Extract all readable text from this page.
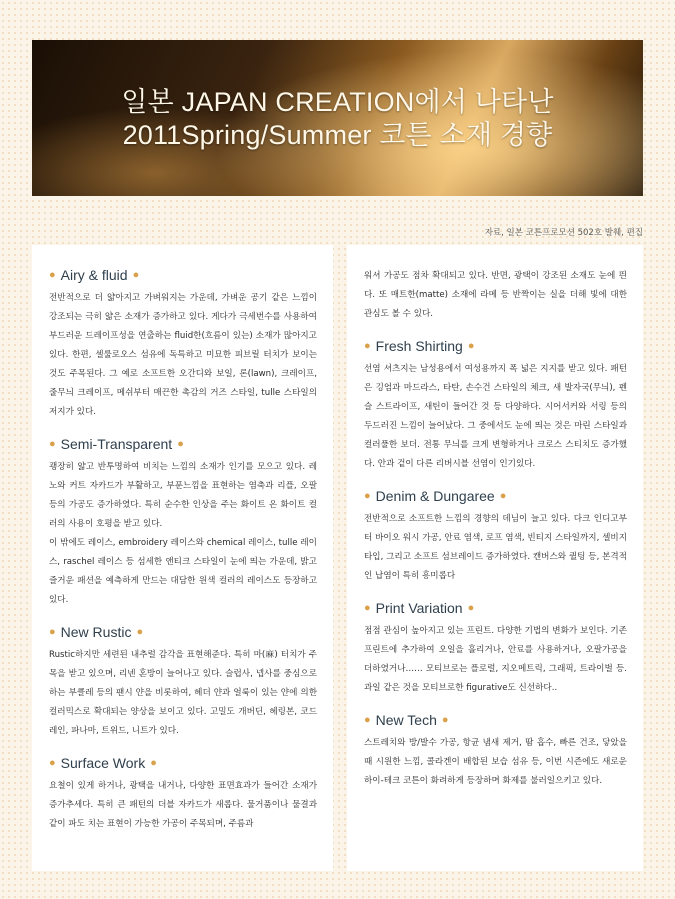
일본 JAPAN CREATION에서 나타난
2011Spring/Summer 코튼 소재 경향
자료, 일본 코튼프로모션 502호 발췌, 편집
● Airy & fluid ●

전반적으로 더 얇아지고 가벼워지는 가운데, 가벼운 공기 같은 느낌이 강조되는 극히 얇은 소재가 증가하고 있다. 게다가 극세번수를 사용하여 부드러운 드레이프성을 연출하는 fluid한(흐름이 있는) 소재가 많아지고 있다. 한편, 셀룰로오스 섬유에 독특하고 미묘한 피브릴 터치가 보이는 것도 주목된다. 그 예로 소프트한 오간디와 보일, 론(lawn), 크레이프, 줄무늬 크레이프, 메쉬부터 매끈한 촉감의 거즈 스타일, tulle 스타일의 저지가 있다.

● Semi-Transparent ●

괭장히 얇고 반투명하여 비치는 느낌의 소재가 인기를 모으고 있다. 레노와 커트 자카드가 부활하고, 부푼느낌을 표현하는 염축과 리플, 오팔 등의 가공도 증가하였다. 특히 순수한 인상을 주는 화이트 온 화이트 컬러의 사용이 호평을 받고 있다.

이 밖에도 레이스, embroidery 레이스와 chemical 레이스, tulle 레이스, raschel 레이스 등 섬세한 앤티크 스타일이 눈에 띄는 가운데, 밝고 즐거운 패션을 예측하게 만드는 대담한 원색 컬러의 레이스도 등장하고 있다.

● New Rustic ●

Rustic하지만 세련된 내추럴 감각을 표현해준다. 특히 마(麻) 터치가 주목을 받고 있으며, 리넨 혼방이 늘어나고 있다. 슬럽사, 넵사를 중심으로 하는 부클레 등의 팬시 얀을 비롯하여, 헤더 얀과 얼룩이 있는 얀에 의한 컬러믹스로 확대되는 양상을 보이고 있다. 고밀도 개버딘, 헤링본, 코드레인, 파나마, 트위드, 니트가 있다.

● Surface Work ●

요철이 있게 하거나, 광택을 내거나, 다양한 표면효과가 들어간 소재가 증가추세다. 특히 큰 패턴의 더블 자카드가 새롭다. 물거품이나 물결과 같이 파도 치는 표현이 가능한 가공이 주목되며, 주름과

워셔 가공도 점차 확대되고 있다. 반면, 광택이 강조된 소재도 눈에 띈다. 또 매트한(matte) 소재에 라메 등 반짝이는 실을 더해 빛에 대한 관심도 볼 수 있다.

● Fresh Shirting ●

선염 셔츠지는 남성용에서 여성용까지 폭 넓은 지지를 받고 있다. 패턴은 깅엄과 마드라스, 타탄, 손수건 스타일의 체크, 새 발자국(무늬), 펜슬 스트라이프, 새틴이 들어간 것 등 다양하다. 시어서커와 서링 등의 두드러진 느낌이 늘어났다. 그 중에서도 눈에 띄는 것은 마린 스타일과 컬러풀한 보더. 전통 무늬를 크게 변형하거나 크로스 스티치도 증가했다. 안과 겉이 다른 리버시블 선염이 인기있다.

● Denim & Dungaree ●

전반적으로 소프트한 느낌의 경향의 데님이 늘고 있다. 다크 인디고부터 바이오 워시 가공, 안료 염색, 로프 염색, 빈티지 스타일까지, 셀비지 타입, 그리고 소프트 섬브레이드 증가하였다. 캔버스와 퀼팅 등, 본격적인 납염이 특히 흥미롭다

● Print Variation ●

점점 관심이 높아지고 있는 프린트. 다양한 기법의 변화가 보인다. 기존 프린트에 추가하여 오일을 흘리거나, 안료를 사용하거나, 오팔가공을 더하였거나…… 모티브로는 플로럴, 지오메트릭, 그래픽, 트라이벌 등. 과일 같은 것을 모티브로한 figurative도 신선하다..

● New Tech ●

스트레치와 방/발수 가공, 항균 냄새 제거, 땀 흡수, 빠른 건조, 닿았을 때 시원한 느낌, 콜라겐이 배합된 보습 섬유 등, 이번 시즌에도 새로운 하이-테크 코튼이 화려하게 등장하며 화제를 불러일으키고 있다.
